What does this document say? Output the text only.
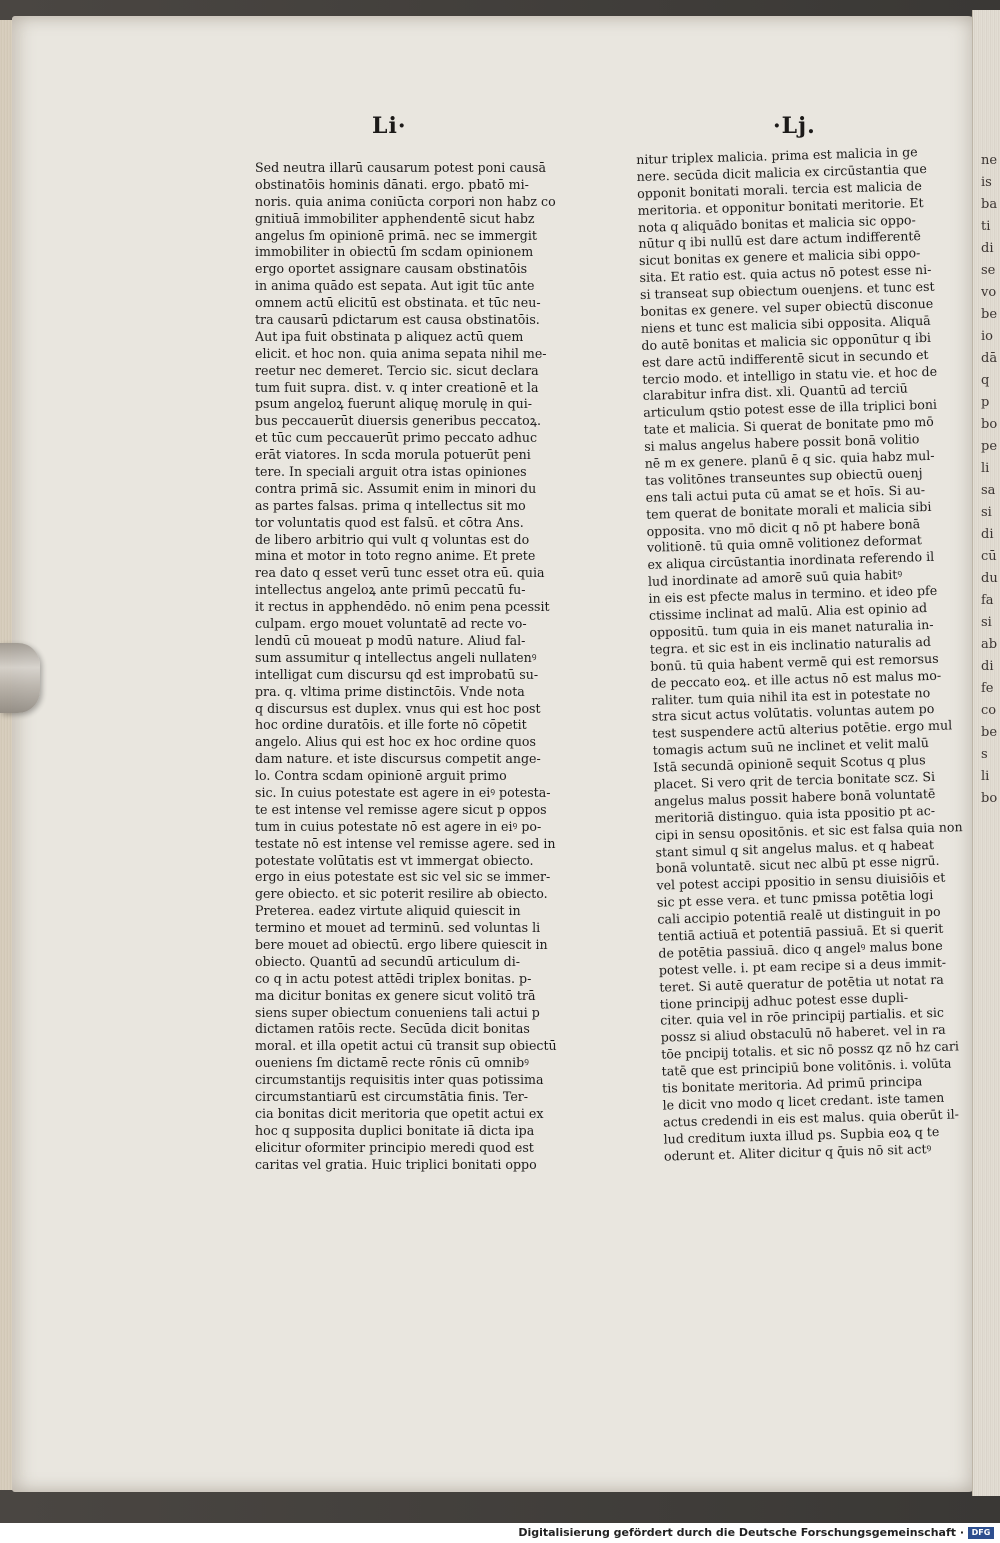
ne
is
ba
ti
di
se
vo
be
io
dā
q
p
bo
pe
li
sa
si
di
cū
du
fa
si
ab
di
fe
co
be
s
li
bo
Li·	·Lj.
Sed neutra illarū causarum potest poni causā
obstinatōis hominis dānati. ergo. pbatō mi-
noris. quia anima coniūcta corpori non habz co
gnitiuā immobiliter apphendentē sicut habz
angelus ſm opinionē primā. nec se immergit
immobiliter in obiectū ſm scdam opinionem
ergo oportet assignare causam obstinatōis
in anima quādo est sepata. Aut igit tūc ante
omnem actū elicitū est obstinata. et tūc neu-
tra causarū pdictarum est causa obstinatōis.
Aut ipa fuit obstinata p aliquez actū quem
elicit. et hoc non. quia anima sepata nihil me-
reetur nec demeret. Tercio sic. sicut declara
tum fuit supra. dist. v. q inter creationē et la
psum angeloꝝ fuerunt aliquę morulę in qui-
bus peccauerūt diuersis generibus peccatoꝝ.
et tūc cum peccauerūt primo peccato adhuc
erāt viatores. In scda morula potuerūt peni
tere. In speciali arguit otra istas opiniones
contra primā sic. Assumit enim in minori du
as partes falsas. prima q intellectus sit mo
tor voluntatis quod est falsū. et cōtra Ans.
de libero arbitrio qui vult q voluntas est do
mina et motor in toto regno anime. Et prete
rea dato q esset verū tunc esset otra eū. quia
intellectus angeloꝝ ante primū peccatū fu-
it rectus in apphendēdo. nō enim pena pcessit
culpam. ergo mouet voluntatē ad recte vo-
lendū cū moueat p modū nature. Aliud fal-
sum assumitur q intellectus angeli nullatenꝰ
intelligat cum discursu qd est improbatū su-
pra. q. vltima prime distinctōis. Vnde nota
q discursus est duplex. vnus qui est hoc post
hoc ordine duratōis. et ille forte nō cōpetit
angelo. Alius qui est hoc ex hoc ordine quos
dam nature. et iste discursus competit ange-
lo. Contra scdam opinionē arguit primo
sic. In cuius potestate est agere in eiꝰ potesta-
te est intense vel remisse agere sicut p oppos
tum in cuius potestate nō est agere in eiꝰ po-
testate nō est intense vel remisse agere. sed in
potestate volūtatis est vt immergat obiecto.
ergo in eius potestate est sic vel sic se immer-
gere obiecto. et sic poterit resilire ab obiecto.
Preterea. eadez virtute aliquid quiescit in
termino et mouet ad terminū. sed voluntas li
bere mouet ad obiectū. ergo libere quiescit in
obiecto. Quantū ad secundū articulum di-
co q in actu potest attēdi triplex bonitas. p-
ma dicitur bonitas ex genere sicut volitō trā
siens super obiectum conueniens tali actui p
dictamen ratōis recte. Secūda dicit bonitas
moral. et illa opetit actui cū transit sup obiectū
oueniens ſm dictamē recte rōnis cū omnibꝰ
circumstantijs requisitis inter quas potissima
circumstantiarū est circumstātia finis. Ter-
cia bonitas dicit meritoria que opetit actui ex
hoc q supposita duplici bonitate iā dicta ipa
elicitur oformiter principio meredi quod est
caritas vel gratia. Huic triplici bonitati oppo
nitur triplex malicia. prima est malicia in ge
nere. secūda dicit malicia ex circūstantia que
opponit bonitati morali. tercia est malicia de
meritoria. et opponitur bonitati meritorie. Et
nota q aliquādo bonitas et malicia sic oppo-
nūtur q ibi nullū est dare actum indifferentē
sicut bonitas ex genere et malicia sibi oppo-
sita. Et ratio est. quia actus nō potest esse ni-
si transeat sup obiectum ouenjens. et tunc est
bonitas ex genere. vel super obiectū disconue
niens et tunc est malicia sibi opposita. Aliquā
do autē bonitas et malicia sic opponūtur q ibi
est dare actū indifferentē sicut in secundo et
tercio modo. et intelligo in statu vie. et hoc de
clarabitur infra dist. xli. Quantū ad terciū
articulum qstio potest esse de illa triplici boni
tate et malicia. Si querat de bonitate pmo mō
si malus angelus habere possit bonā volitio
nē m ex genere. planū ē q sic. quia habz mul-
tas volitōnes transeuntes sup obiectū ouenj
ens tali actui puta cū amat se et hoīs. Si au-
tem querat de bonitate morali et malicia sibi
opposita. vno mō dicit q nō pt habere bonā
volitionē. tū quia omnē volitionez deformat
ex aliqua circūstantia inordinata referendo il
lud inordinate ad amorē suū quia habitꝰ
in eis est pfecte malus in termino. et ideo pfe
ctissime inclinat ad malū. Alia est opinio ad
oppositū. tum quia in eis manet naturalia in-
tegra. et sic est in eis inclinatio naturalis ad
bonū. tū quia habent vermē qui est remorsus
de peccato eoꝝ. et ille actus nō est malus mo-
raliter. tum quia nihil ita est in potestate no
stra sicut actus volūtatis. voluntas autem po
test suspendere actū alterius potētie. ergo mul
tomagis actum suū ne inclinet et velit malū
Istā secundā opinionē sequit Scotus q plus
placet. Si vero qrit de tercia bonitate scz. Si
angelus malus possit habere bonā voluntatē
meritoriā distinguo. quia ista ppositio pt ac-
cipi in sensu opositōnis. et sic est falsa quia non
stant simul q sit angelus malus. et q habeat
bonā voluntatē. sicut nec albū pt esse nigrū.
vel potest accipi ppositio in sensu diuisiōis et
sic pt esse vera. et tunc pmissa potētia logi
cali accipio potentiā realē ut distinguit in po
tentiā actiuā et potentiā passiuā. Et si querit
de potētia passiuā. dico q angelꝰ malus bone
potest velle. i. pt eam recipe si a deus immit-
teret. Si autē queratur de potētia ut notat ra
tione principij adhuc potest esse dupli-
citer. quia vel in rōe principij partialis. et sic
possz si aliud obstaculū nō haberet. vel in ra
tōe pncipij totalis. et sic nō possz qz nō hz cari
tatē que est principiū bone volitōnis. i. volūta
tis bonitate meritoria. Ad primū principa
le dicit vno modo q licet credant. iste tamen
actus credendi in eis est malus. quia oberūt il-
lud creditum iuxta illud ps. Supbia eoꝝ q te
oderunt et. Aliter dicitur q q̄uis nō sit actꝰ
Digitalisierung gefördert durch die Deutsche Forschungsgemeinschaft · DFG
